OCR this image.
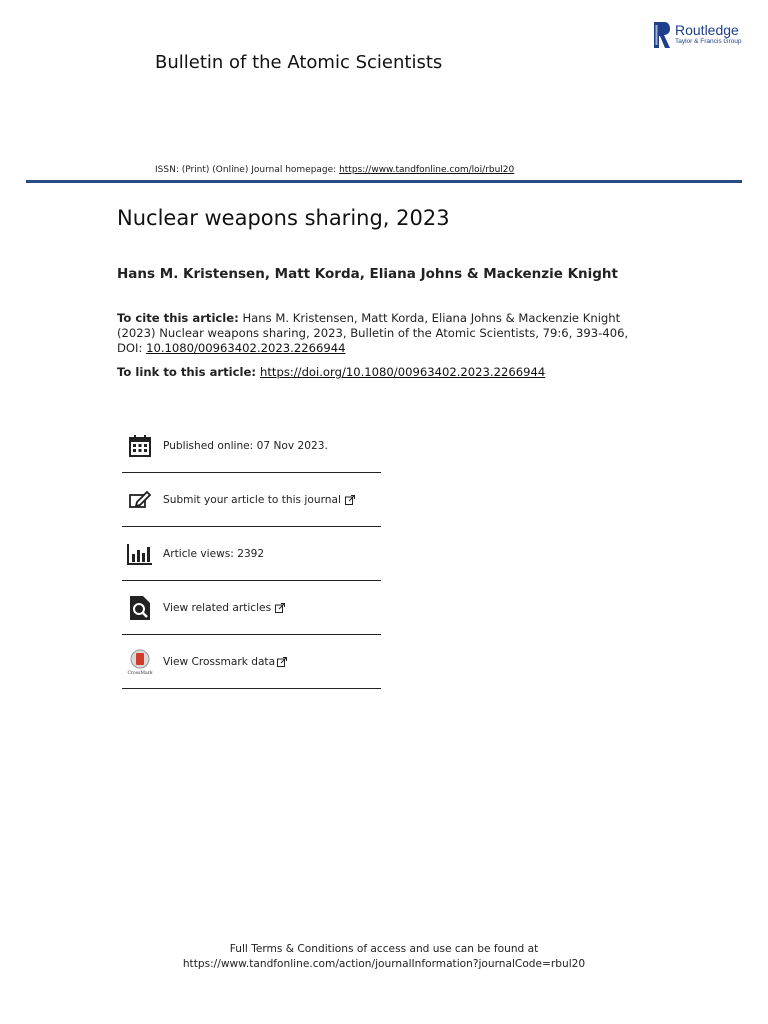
Routledge
Taylor & Francis Group
Bulletin of the Atomic Scientists
ISSN: (Print) (Online) Journal homepage: https://www.tandfonline.com/loi/rbul20
Nuclear weapons sharing, 2023
Hans M. Kristensen, Matt Korda, Eliana Johns & Mackenzie Knight
To cite this article: Hans M. Kristensen, Matt Korda, Eliana Johns & Mackenzie Knight (2023) Nuclear weapons sharing, 2023, Bulletin of the Atomic Scientists, 79:6, 393-406, DOI: 10.1080/00963402.2023.2266944
To link to this article: https://doi.org/10.1080/00963402.2023.2266944
Published online: 07 Nov 2023.
Submit your article to this journal
Article views: 2392
View related articles
CrossMark
View Crossmark data
Full Terms & Conditions of access and use can be found at
https://www.tandfonline.com/action/journalInformation?journalCode=rbul20
